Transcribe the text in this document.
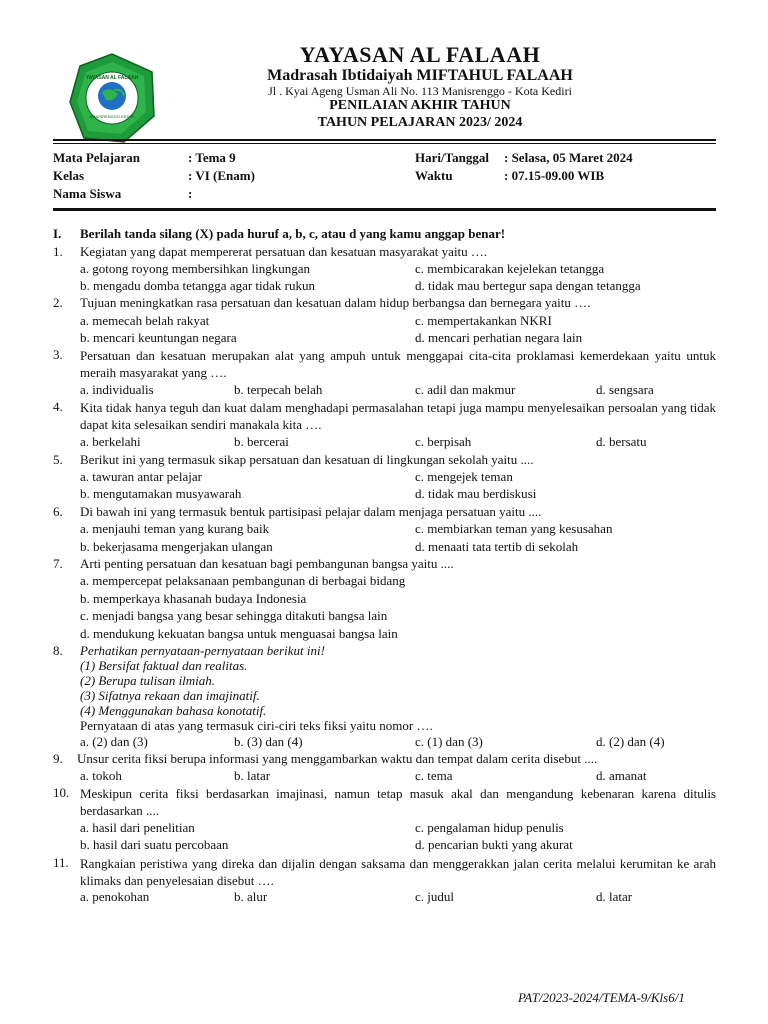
YAYASAN AL FALAAH
MANISRENGGO KEDIRI
YAYASAN AL FALAAH
Madrasah Ibtidaiyah MIFTAHUL FALAAH
Jl . Kyai Ageng Usman Ali No. 113 Manisrenggo - Kota Kediri
PENILAIAN AKHIR TAHUN
TAHUN PELAJARAN 2023/ 2024
Mata Pelajaran	: Tema 9
Kelas	: VI (Enam)
Nama Siswa	:
Hari/Tanggal : Selasa, 05 Maret 2024
Waktu	: 07.15-09.00 WIB
I. Berilah tanda silang (X) pada huruf a, b, c, atau d yang kamu anggap benar!
1. Kegiatan yang dapat mempererat persatuan dan kesatuan masyarakat yaitu ….
a. gotong royong membersihkan lingkungan	c. membicarakan kejelekan tetangga
b. mengadu domba tetangga agar tidak rukun	d. tidak mau bertegur sapa dengan tetangga
2. Tujuan meningkatkan rasa persatuan dan kesatuan dalam hidup berbangsa dan bernegara yaitu ….
a. memecah belah rakyat	c. mempertakankan NKRI
b. mencari keuntungan negara	d. mencari perhatian negara lain
3. Persatuan dan kesatuan merupakan alat yang ampuh untuk menggapai cita-cita proklamasi kemerdekaan yaitu untuk meraih masyarakat yang ….
a. individualis	b. terpecah belah	c. adil dan makmur	d. sengsara
4. Kita tidak hanya teguh dan kuat dalam menghadapi permasalahan tetapi juga mampu menyelesaikan persoalan yang tidak dapat kita selesaikan sendiri manakala kita ….
a. berkelahi	b. bercerai	c. berpisah	d. bersatu
5. Berikut ini yang termasuk sikap persatuan dan kesatuan di lingkungan sekolah yaitu ....
a. tawuran antar pelajar	c. mengejek teman
b. mengutamakan musyawarah	d. tidak mau berdiskusi
6. Di bawah ini yang termasuk bentuk partisipasi pelajar dalam menjaga persatuan yaitu ....
a. menjauhi teman yang kurang baik	c. membiarkan teman yang kesusahan
b. bekerjasama mengerjakan ulangan	d. menaati tata tertib di sekolah
7. Arti penting persatuan dan kesatuan bagi pembangunan bangsa yaitu ....
a. mempercepat pelaksanaan pembangunan di berbagai bidang
b. memperkaya khasanah budaya Indonesia
c. menjadi bangsa yang besar sehingga ditakuti bangsa lain
d. mendukung kekuatan bangsa untuk menguasai bangsa lain
8. Perhatikan pernyataan-pernyataan berikut ini!
(1) Bersifat faktual dan realitas.
(2) Berupa tulisan ilmiah.
(3) Sifatnya rekaan dan imajinatif.
(4) Menggunakan bahasa konotatif.
Pernyataan di atas yang termasuk ciri-ciri teks fiksi yaitu nomor ….
a. (2) dan (3)	b. (3) dan (4)	c. (1) dan (3)	d. (2) dan (4)
9. Unsur cerita fiksi berupa informasi yang menggambarkan waktu dan tempat dalam cerita disebut ....
a. tokoh	b. latar	c. tema	d. amanat
10. Meskipun cerita fiksi berdasarkan imajinasi, namun tetap masuk akal dan mengandung kebenaran karena ditulis berdasarkan ....
a. hasil dari penelitian	c. pengalaman hidup penulis
b. hasil dari suatu percobaan	d. pencarian bukti yang akurat
11. Rangkaian peristiwa yang direka dan dijalin dengan saksama dan menggerakkan jalan cerita melalui kerumitan ke arah klimaks dan penyelesaian disebut ….
a. penokohan	b. alur	c. judul	d. latar
PAT/2023-2024/TEMA-9/Kls6/1
